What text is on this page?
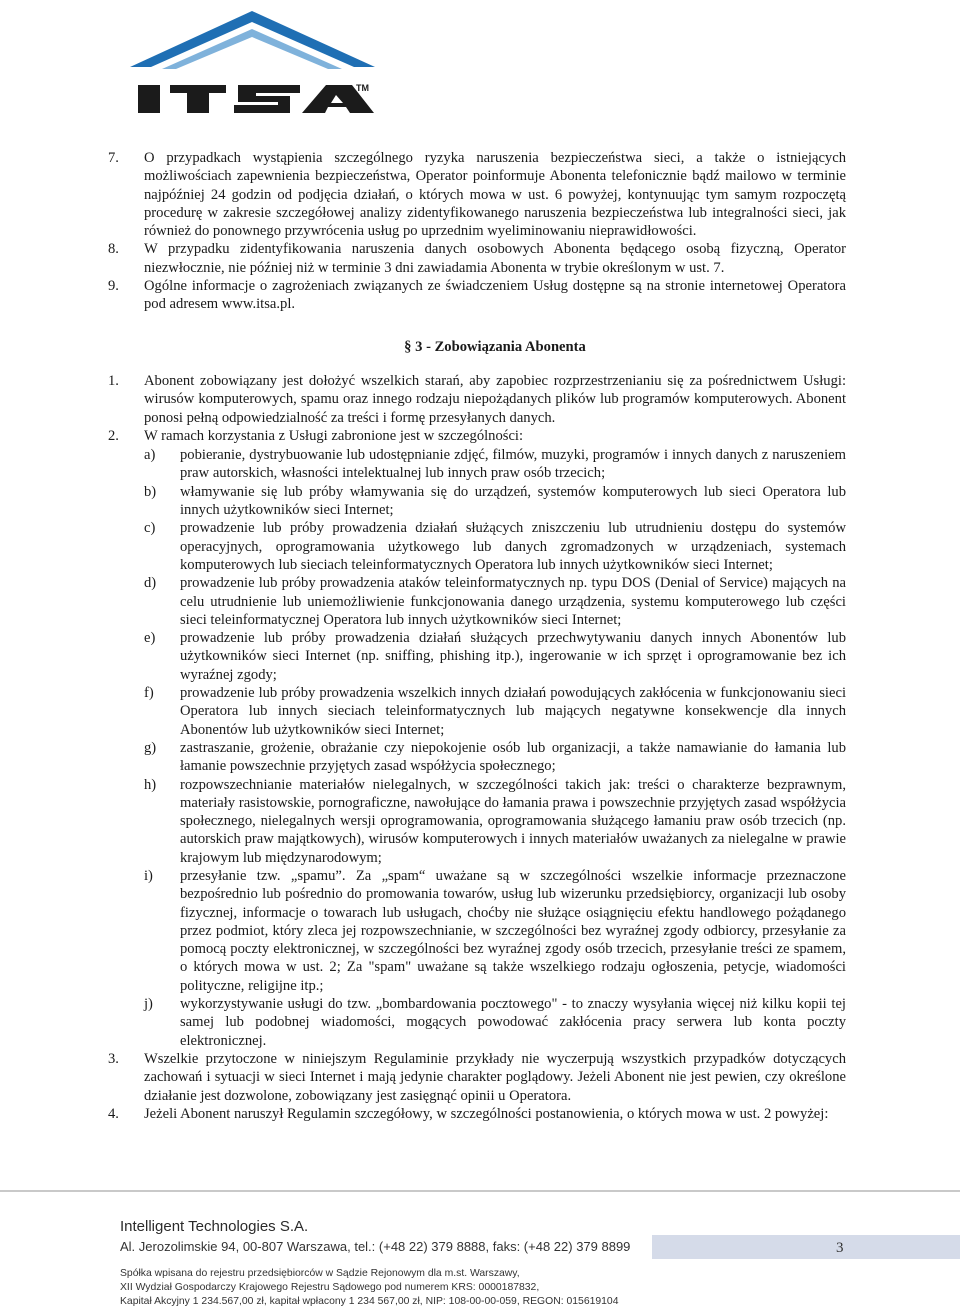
TM
7.	O przypadkach wystąpienia szczególnego ryzyka naruszenia bezpieczeństwa sieci, a także o istniejących możliwościach zapewnienia bezpieczeństwa, Operator poinformuje Abonenta telefonicznie bądź mailowo w terminie najpóźniej 24 godzin od podjęcia działań, o których mowa w ust. 6 powyżej, kontynuując tym samym rozpoczętą procedurę w zakresie szczegółowej analizy zidentyfikowanego naruszenia bezpieczeństwa lub integralności sieci, jak również do ponownego przywrócenia usług po uprzednim wyeliminowaniu nieprawidłowości.
8.	W przypadku zidentyfikowania naruszenia danych osobowych Abonenta będącego osobą fizyczną, Operator niezwłocznie, nie później niż w terminie 3 dni zawiadamia Abonenta w trybie określonym w ust. 7.
9.	Ogólne informacje o zagrożeniach związanych ze świadczeniem Usług dostępne są na stronie internetowej Operatora pod adresem www.itsa.pl.
§ 3 - Zobowiązania Abonenta
1.	Abonent zobowiązany jest dołożyć wszelkich starań, aby zapobiec rozprzestrzenianiu się za pośrednictwem Usługi: wirusów komputerowych, spamu oraz innego rodzaju niepożądanych plików lub programów komputerowych. Abonent ponosi pełną odpowiedzialność za treści i formę przesyłanych danych.
2.	W ramach korzystania z Usługi zabronione jest w szczególności:
a)	pobieranie, dystrybuowanie lub udostępnianie zdjęć, filmów, muzyki, programów i innych danych z naruszeniem praw autorskich, własności intelektualnej lub innych praw osób trzecich;
b)	włamywanie się lub próby włamywania się do urządzeń, systemów komputerowych lub sieci Operatora lub innych użytkowników sieci Internet;
c)	prowadzenie lub próby prowadzenia działań służących zniszczeniu lub utrudnieniu dostępu do systemów operacyjnych, oprogramowania użytkowego lub danych zgromadzonych w urządzeniach, systemach komputerowych lub sieciach teleinformatycznych Operatora lub innych użytkowników sieci Internet;
d)	prowadzenie lub próby prowadzenia ataków teleinformatycznych np. typu DOS (Denial of Service) mających na celu utrudnienie lub uniemożliwienie funkcjonowania danego urządzenia, systemu komputerowego lub części sieci teleinformatycznej Operatora lub innych użytkowników sieci Internet;
e)	prowadzenie lub próby prowadzenia działań służących przechwytywaniu danych innych Abonentów lub użytkowników sieci Internet (np. sniffing, phishing itp.), ingerowanie w ich sprzęt i oprogramowanie bez ich wyraźnej zgody;
f)	prowadzenie lub próby prowadzenia wszelkich innych działań powodujących zakłócenia w funkcjonowaniu sieci Operatora lub innych sieciach teleinformatycznych lub mających negatywne konsekwencje dla innych Abonentów lub użytkowników sieci Internet;
g)	zastraszanie, grożenie, obrażanie czy niepokojenie osób lub organizacji, a także namawianie do łamania lub łamanie powszechnie przyjętych zasad współżycia społecznego;
h)	rozpowszechnianie materiałów nielegalnych, w szczególności takich jak: treści o charakterze bezprawnym, materiały rasistowskie, pornograficzne, nawołujące do łamania prawa i powszechnie przyjętych zasad współżycia społecznego, nielegalnych wersji oprogramowania, oprogramowania służącego łamaniu praw osób trzecich (np. autorskich praw majątkowych), wirusów komputerowych i innych materiałów uważanych za nielegalne w prawie krajowym lub międzynarodowym;
i)	przesyłanie tzw. „spamu”. Za „spam“ uważane są w szczególności wszelkie informacje przeznaczone bezpośrednio lub pośrednio do promowania towarów, usług lub wizerunku przedsiębiorcy, organizacji lub osoby fizycznej, informacje o towarach lub usługach, choćby nie służące osiągnięciu efektu handlowego pożądanego przez podmiot, który zleca jej rozpowszechnianie, w szczególności bez wyraźnej zgody odbiorcy, przesyłanie za pomocą poczty elektronicznej, w szczególności bez wyraźnej zgody osób trzecich, przesyłanie treści ze spamem, o których mowa w ust. 2; Za "spam" uważane są także wszelkiego rodzaju ogłoszenia, petycje, wiadomości polityczne, religijne itp.;
j)	wykorzystywanie usługi do tzw. „bombardowania pocztowego" - to znaczy wysyłania więcej niż kilku kopii tej samej lub podobnej wiadomości, mogących powodować zakłócenia pracy serwera lub konta poczty elektronicznej.
3.	Wszelkie przytoczone w niniejszym Regulaminie przykłady nie wyczerpują wszystkich przypadków dotyczących zachowań i sytuacji w sieci Internet i mają jedynie charakter poglądowy. Jeżeli Abonent nie jest pewien, czy określone działanie jest dozwolone, zobowiązany jest zasięgnąć opinii u Operatora.
4.	Jeżeli Abonent naruszył Regulamin szczegółowy, w szczególności postanowienia, o których mowa w ust. 2 powyżej:
Intelligent Technologies S.A.
Al. Jerozolimskie 94, 00-807 Warszawa, tel.: (+48 22) 379 8888, faks: (+48 22) 379 8899	3
Spółka wpisana do rejestru przedsiębiorców w Sądzie Rejonowym dla m.st. Warszawy,
XII Wydział Gospodarczy Krajowego Rejestru Sądowego pod numerem KRS: 0000187832,
Kapitał Akcyjny 1 234.567,00 zł, kapitał wpłacony 1 234 567,00 zł, NIP: 108-00-00-059, REGON: 015619104
